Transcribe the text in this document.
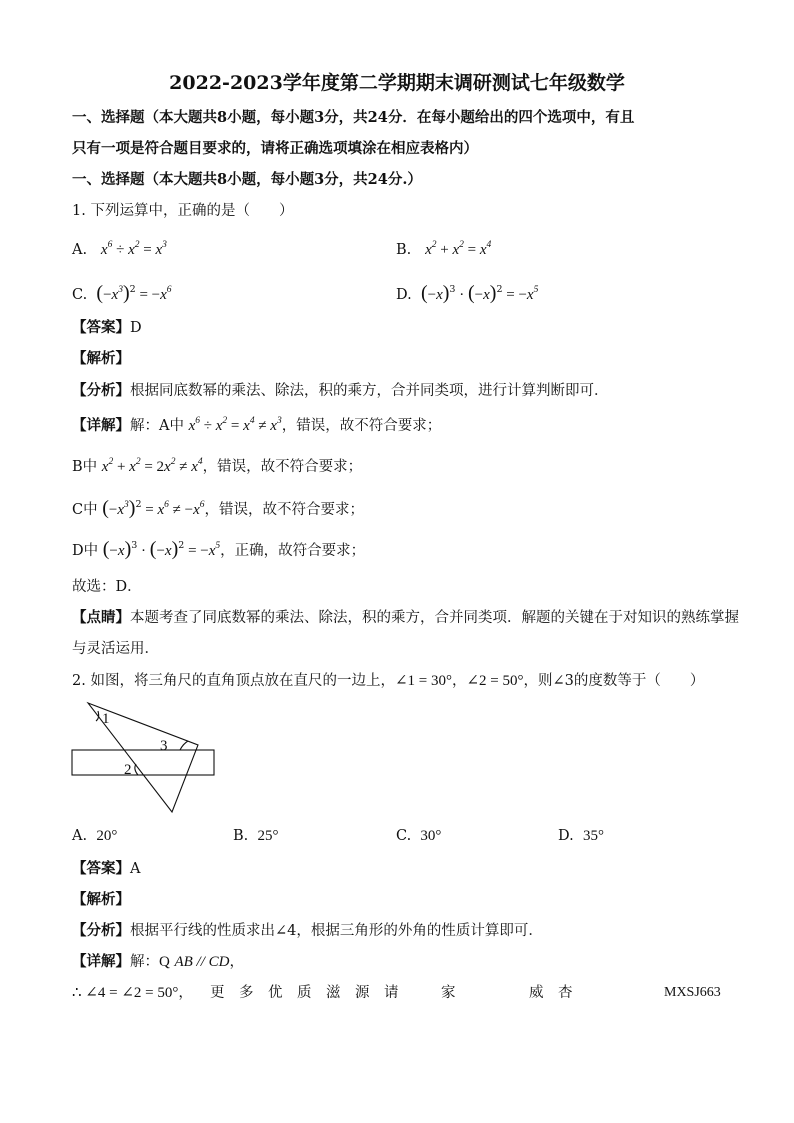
2022-2023学年度第二学期期末调研测试七年级数学
一、选择题（本大题共8小题，每小题3分，共24分．在每小题给出的四个选项中，有且
只有一项是符合题目要求的，请将正确选项填涂在相应表格内）
一、选择题（本大题共8小题，每小题3分，共24分.）
1. 下列运算中，正确的是（　　）
A. $x^6 \div x^2 = x^3$	B. $x^2 + x^2 = x^4$
C. $(-x^3)^2 = -x^6$	D. $(-x)^3 \cdot (-x)^2 = -x^5$
【答案】D
【解析】
【分析】根据同底数幂的乘法、除法，积的乘方，合并同类项，进行计算判断即可．
【详解】解：A中 $x^6 \div x^2 = x^4 \ne x^3$，错误，故不符合要求；
B中 $x^2 + x^2 = 2x^2 \ne x^4$，错误，故不符合要求；
C中 $(-x^3)^2 = x^6 \ne -x^6$，错误，故不符合要求；
D中 $(-x)^3 \cdot (-x)^2 = -x^5$，正确，故符合要求；
故选：D．
【点睛】本题考查了同底数幂的乘法、除法，积的乘方，合并同类项．解题的关键在于对知识的熟练掌握
与灵活运用．
2. 如图，将三角尺的直角顶点放在直尺的一边上，∠1 = 30°，∠2 = 50°，则∠3的度数等于（　　）
1
3
2
A. 20°	B. 25°	C. 30°	D. 35°
【答案】A
【解析】
【分析】根据平行线的性质求出∠4，根据三角形的外角的性质计算即可．
【详解】解：Q AB // CD，
∴ ∠4 = ∠2 = 50°， 更  多  优  质  滋  源  请	家	威  杏	MXSJ663
